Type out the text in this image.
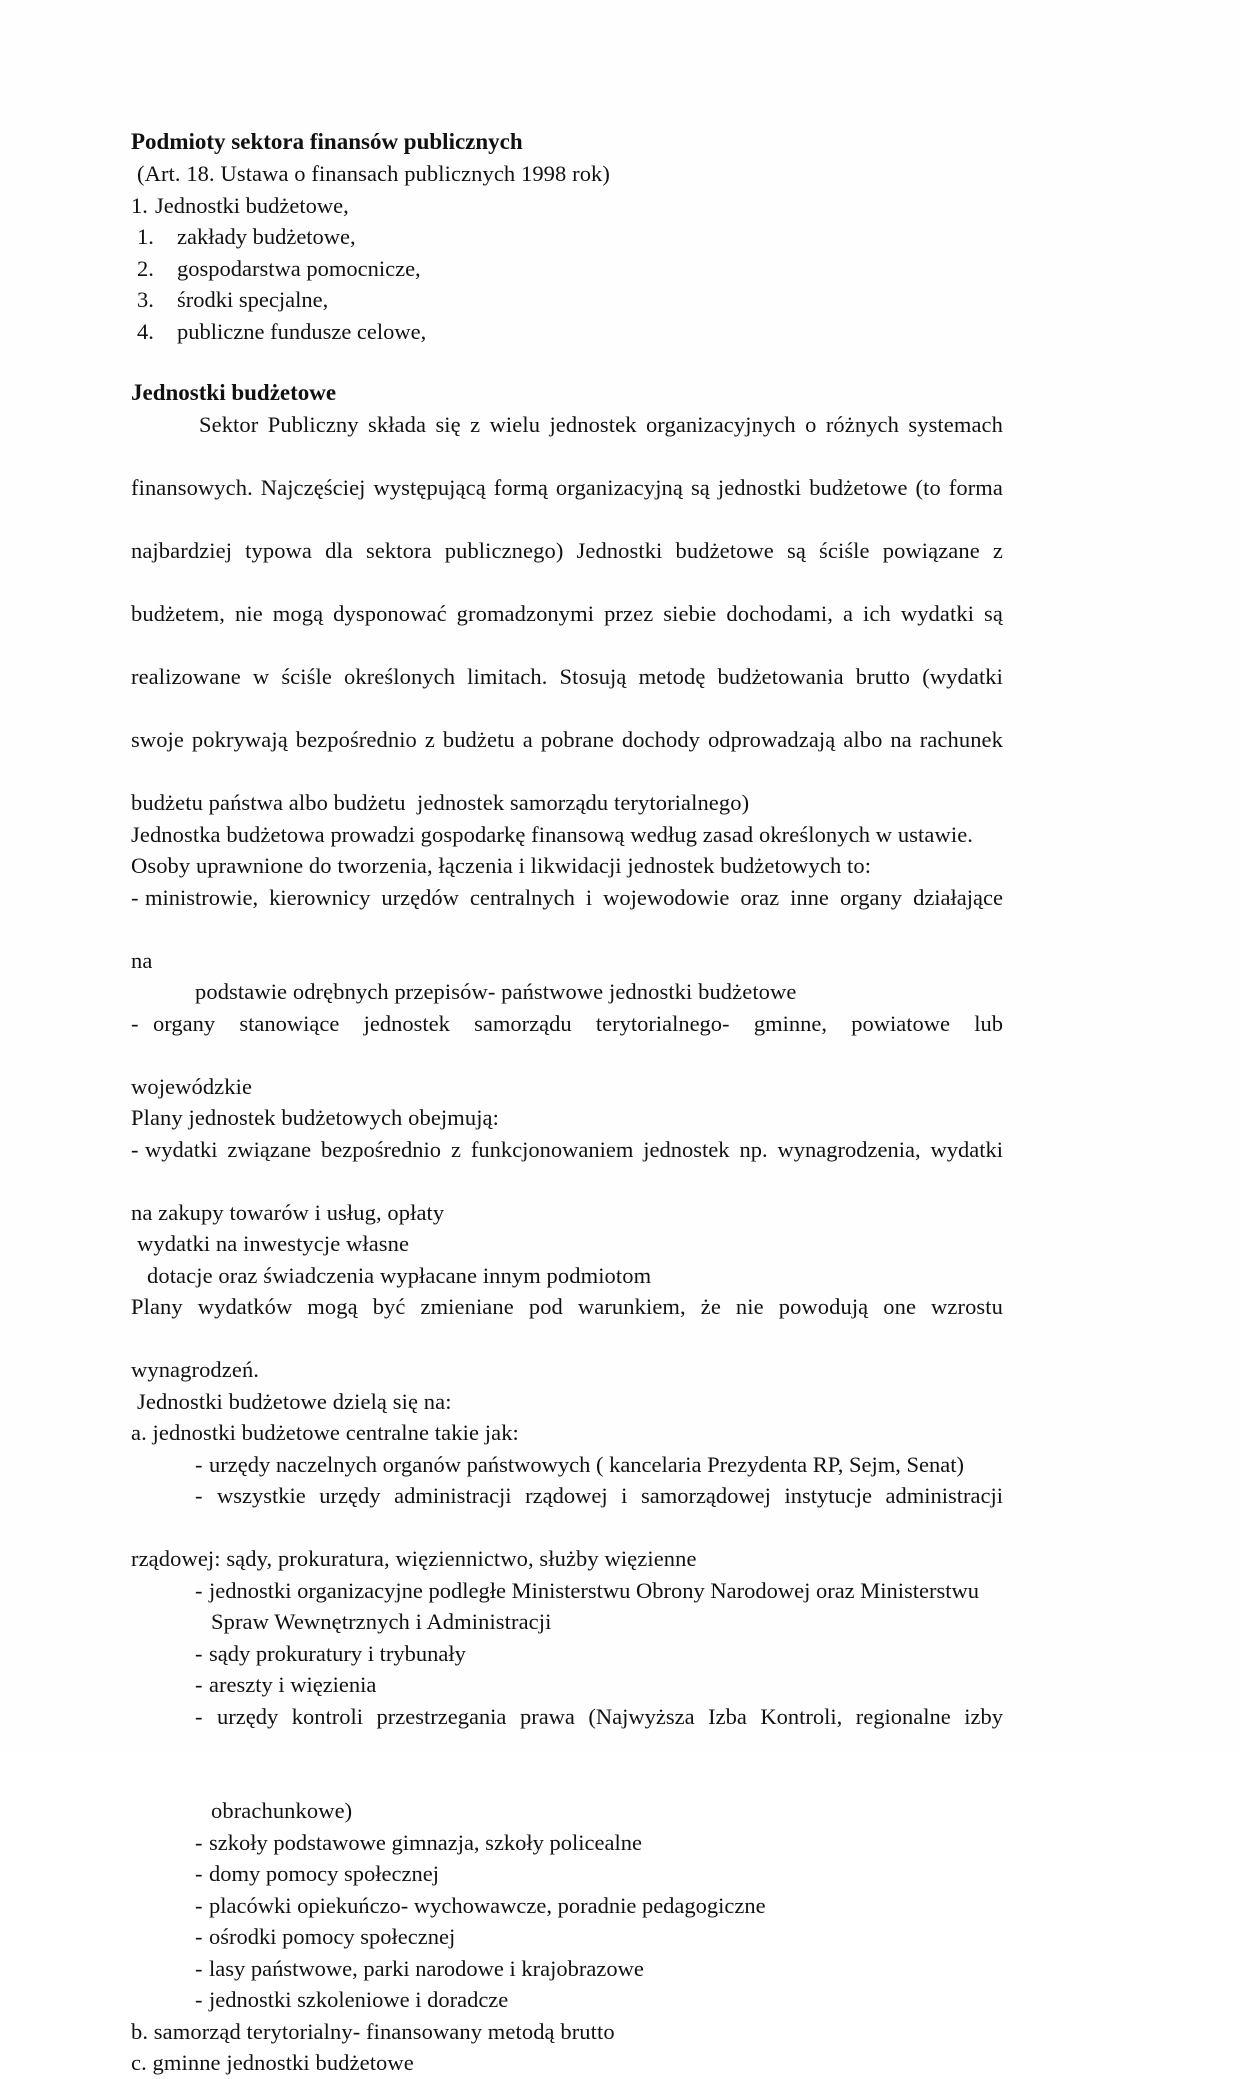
Podmioty sektora finansów publicznych
(Art. 18. Ustawa o finansach publicznych 1998 rok)
1. Jednostki budżetowe,
1.	zakłady budżetowe,
2.	gospodarstwa pomocnicze,
3.	środki specjalne,
4.	publiczne fundusze celowe,
Jednostki budżetowe
Sektor Publiczny składa się z wielu jednostek organizacyjnych o różnych systemach
finansowych. Najczęściej występującą formą organizacyjną są jednostki budżetowe (to forma
najbardziej typowa dla sektora publicznego) Jednostki budżetowe są ściśle powiązane z
budżetem, nie mogą dysponować gromadzonymi przez siebie dochodami, a ich wydatki są
realizowane w ściśle określonych limitach. Stosują metodę budżetowania brutto (wydatki
swoje pokrywają bezpośrednio z budżetu a pobrane dochody odprowadzają albo na rachunek
budżetu państwa albo budżetu  jednostek samorządu terytorialnego)
Jednostka budżetowa prowadzi gospodarkę finansową według zasad określonych w ustawie.
Osoby uprawnione do tworzenia, łączenia i likwidacji jednostek budżetowych to:
- ministrowie, kierownicy urzędów centralnych i wojewodowie oraz inne organy działające
na
podstawie odrębnych przepisów- państwowe jednostki budżetowe
- organy stanowiące jednostek samorządu terytorialnego- gminne, powiatowe lub
wojewódzkie
Plany jednostek budżetowych obejmują:
- wydatki związane bezpośrednio z funkcjonowaniem jednostek np. wynagrodzenia, wydatki
na zakupy towarów i usług, opłaty
wydatki na inwestycje własne
dotacje oraz świadczenia wypłacane innym podmiotom
Plany wydatków mogą być zmieniane pod warunkiem, że nie powodują one wzrostu
wynagrodzeń.
Jednostki budżetowe dzielą się na:
a. jednostki budżetowe centralne takie jak:
- urzędy naczelnych organów państwowych ( kancelaria Prezydenta RP, Sejm, Senat)
- wszystkie urzędy administracji rządowej i samorządowej instytucje administracji
rządowej: sądy, prokuratura, więziennictwo, służby więzienne
- jednostki organizacyjne podległe Ministerstwu Obrony Narodowej oraz Ministerstwu
Spraw Wewnętrznych i Administracji
- sądy prokuratury i trybunały
- areszty i więzienia
- urzędy kontroli przestrzegania prawa (Najwyższa Izba Kontroli, regionalne izby
obrachunkowe)
- szkoły podstawowe gimnazja, szkoły policealne
- domy pomocy społecznej
- placówki opiekuńczo- wychowawcze, poradnie pedagogiczne
- ośrodki pomocy społecznej
- lasy państwowe, parki narodowe i krajobrazowe
- jednostki szkoleniowe i doradcze
b. samorząd terytorialny- finansowany metodą brutto
c. gminne jednostki budżetowe
